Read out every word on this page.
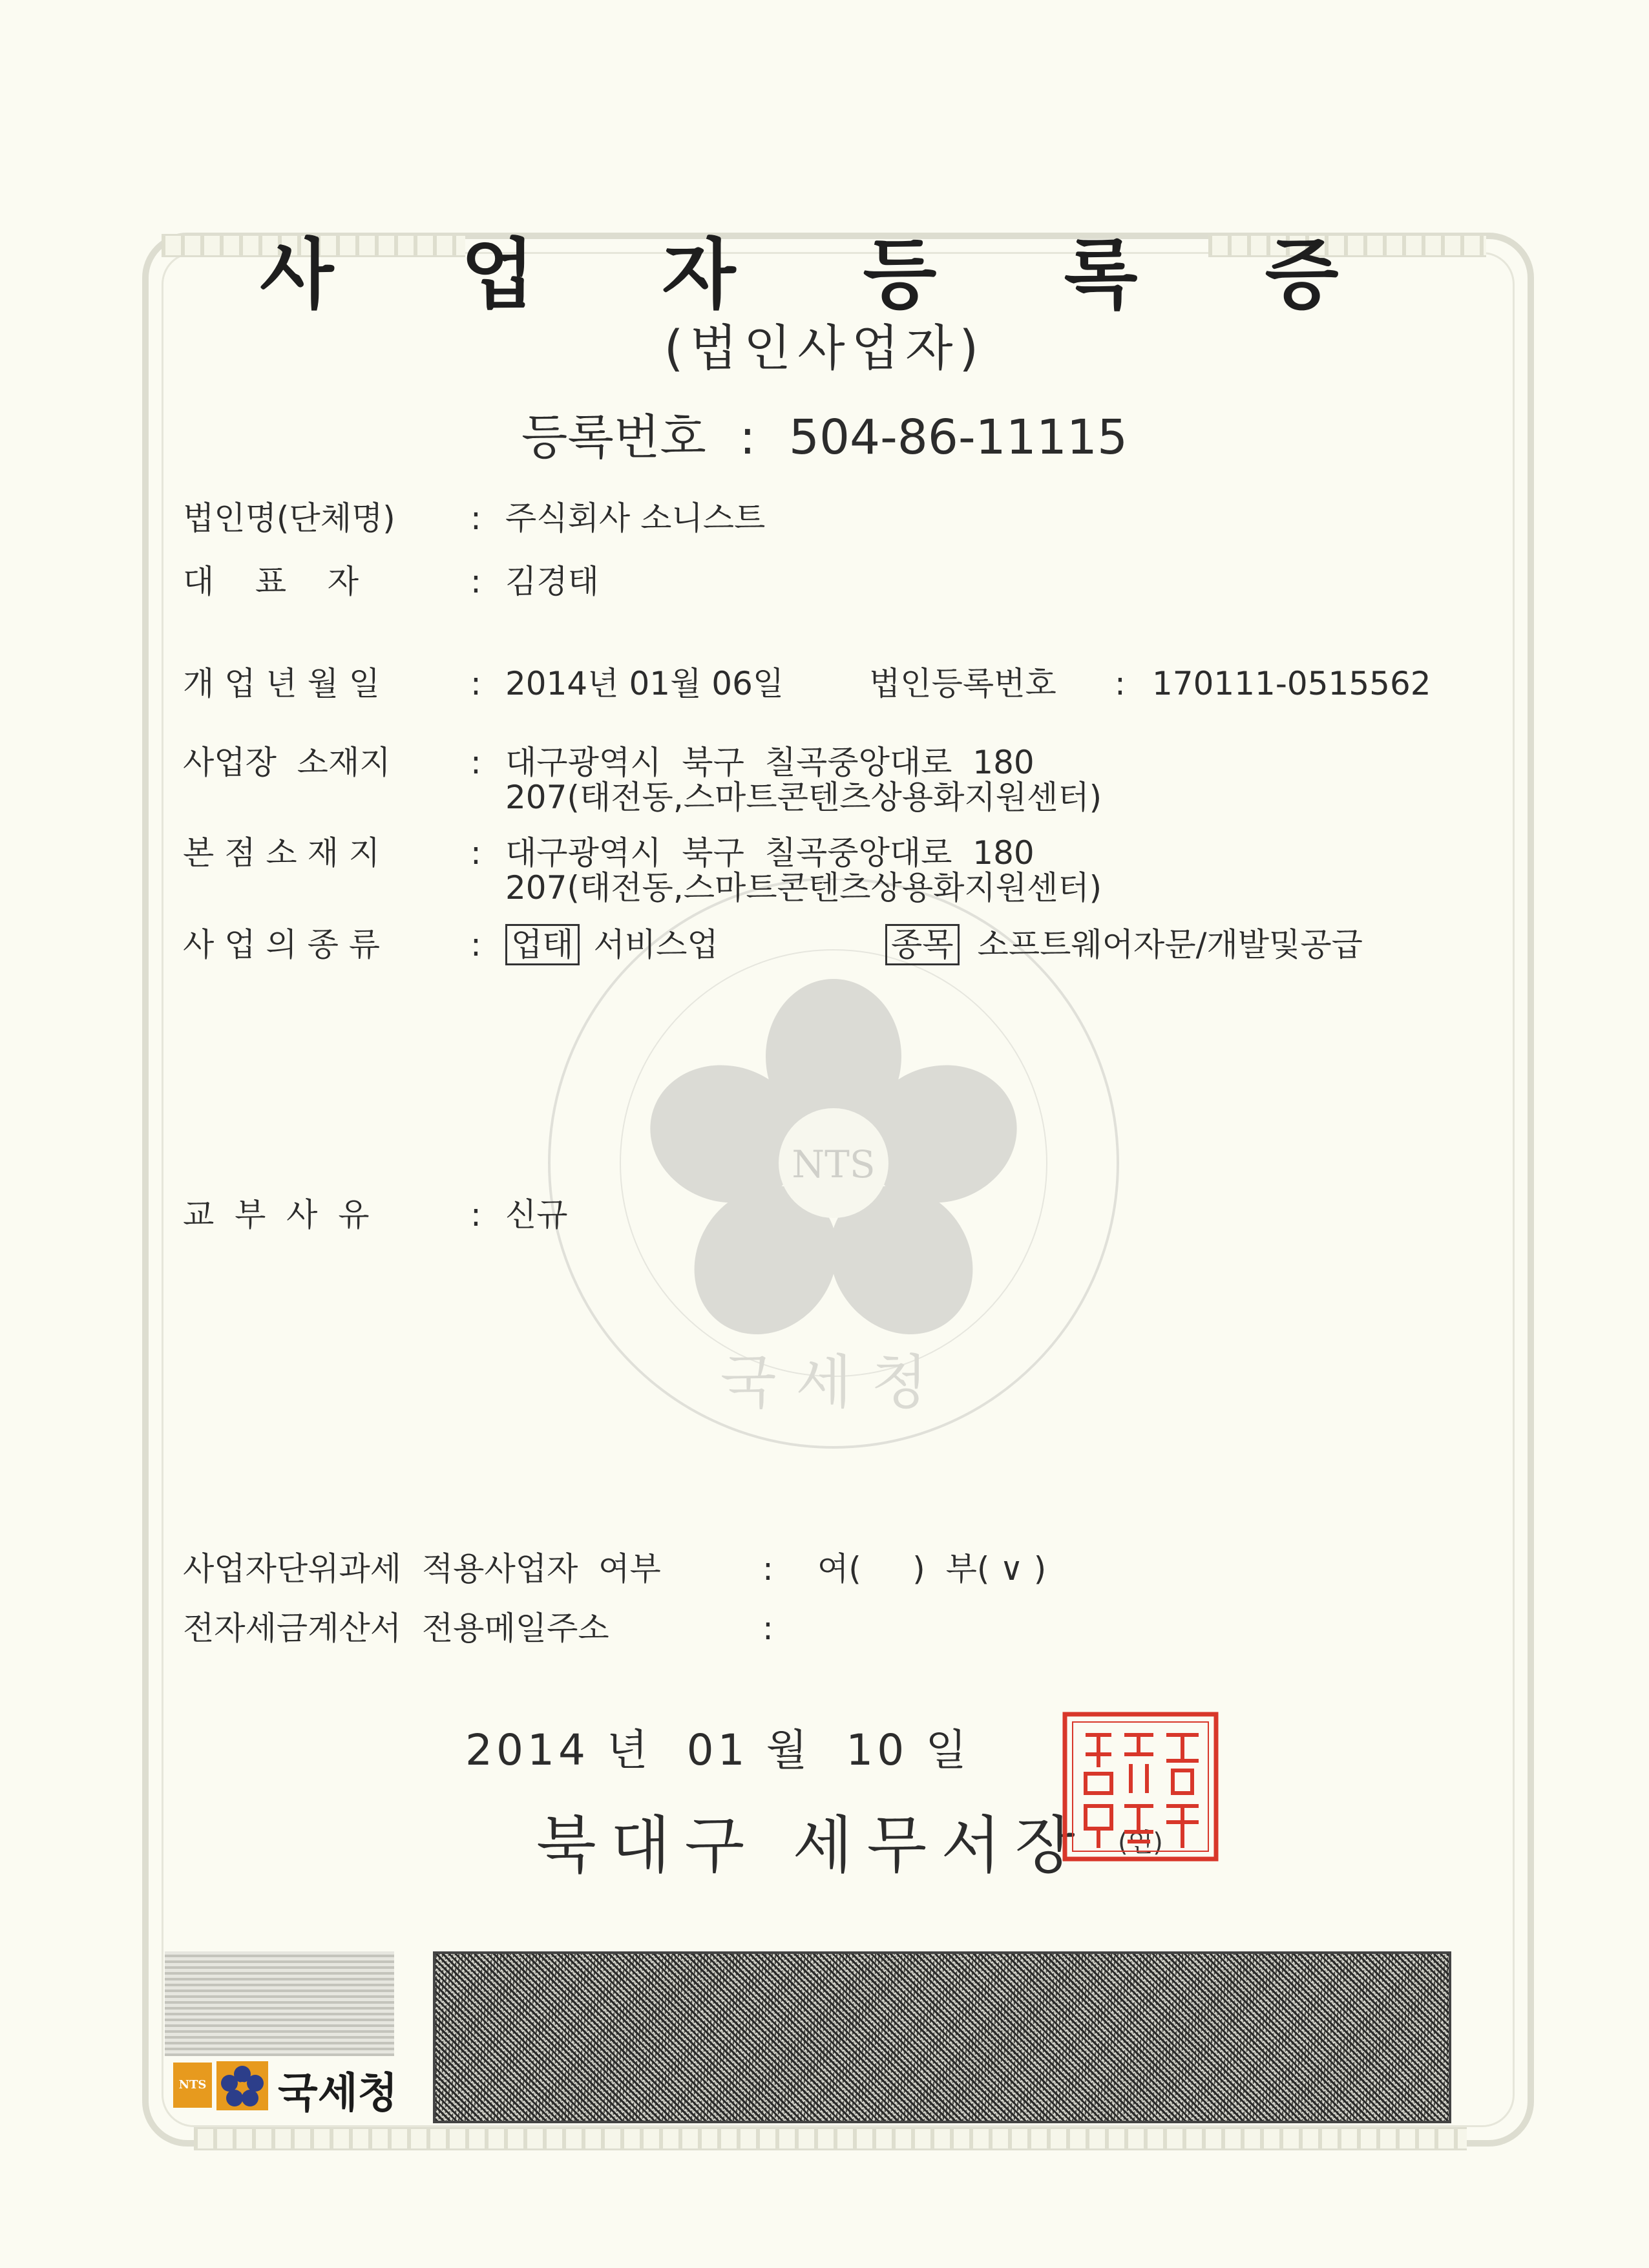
NTS
국세청
사 업 자 등 록 증
(법인사업자)
등록번호 : 504-86-11115
법인명(단체명) : 주식회사 소니스트
대    표    자	: 김경태
개 업 년 월 일	: 2014년 01월 06일	법인등록번호 : 170111-0515562
사업장  소재지 : 대구광역시  북구  칠곡중앙대로  180
207(태전동,스마트콘텐츠상용화지원센터)
본 점 소 재 지	: 대구광역시  북구  칠곡중앙대로  180
207(태전동,스마트콘텐츠상용화지원센터)
사 업 의 종 류	: 업태 서비스업	종목 소프트웨어자문/개발및공급
교  부  사  유	: 신규
사업자단위과세  적용사업자  여부	: 여(     )  부( ∨ )
전자세금계산서  전용메일주소	:
2014 년  01 월  10 일
북대구 세무서장 (인)
NTS 국세청
